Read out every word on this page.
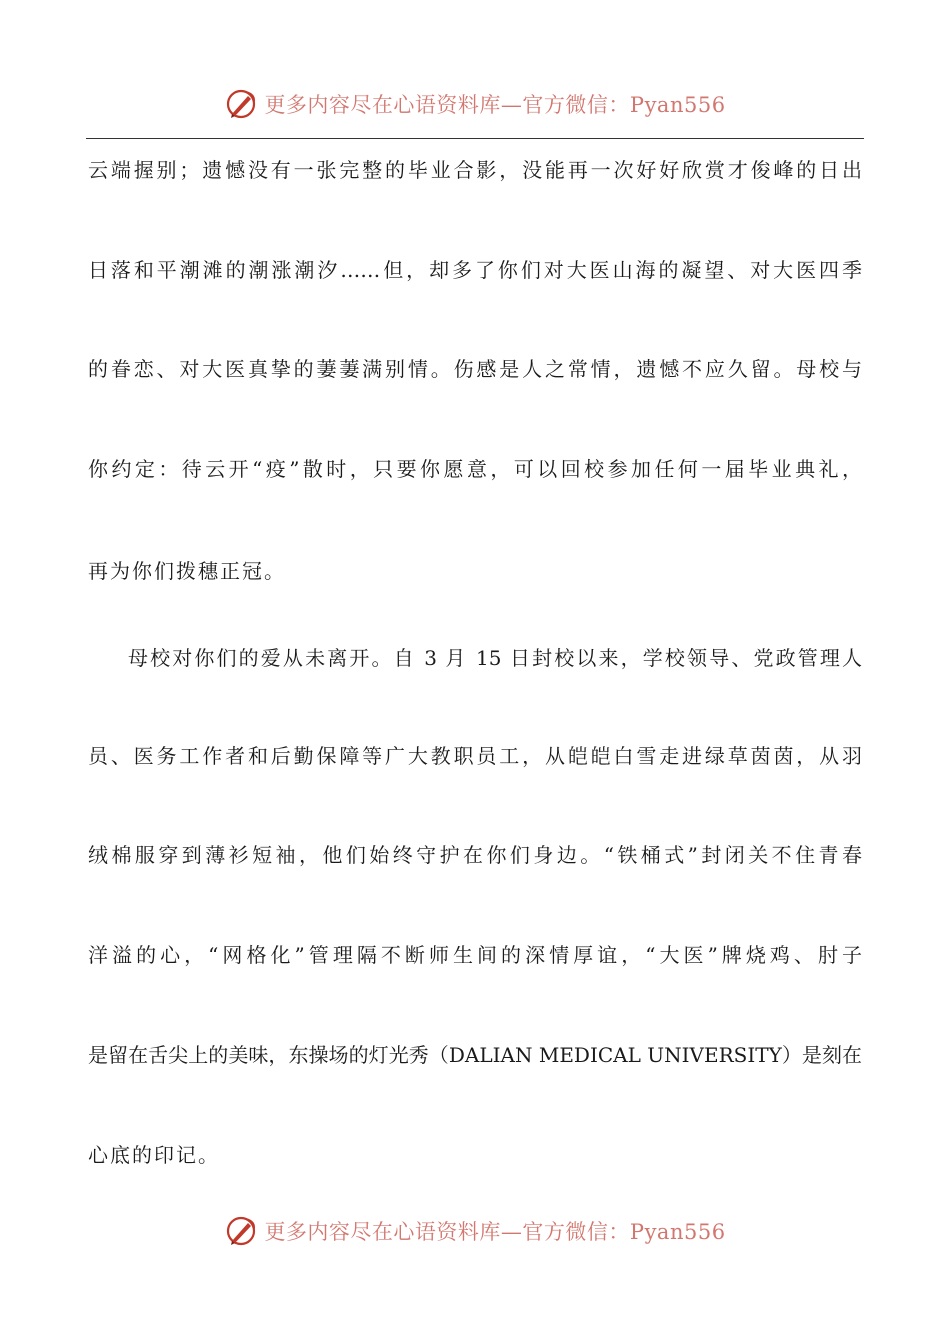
更多内容尽在心语资料库—官方微信：Pyan556
云端握别；遗憾没有一张完整的毕业合影，没能再一次好好欣赏才俊峰的日出
日落和平潮滩的潮涨潮汐……但，却多了你们对大医山海的凝望、对大医四季
的眷恋、对大医真挚的萋萋满别情。伤感是人之常情，遗憾不应久留。母校与
你约定：待云开“疫”散时，只要你愿意，可以回校参加任何一届毕业典礼，
再为你们拨穗正冠。
母校对你们的爱从未离开。自 3 月 15 日封校以来，学校领导、党政管理人
员、医务工作者和后勤保障等广大教职员工，从皑皑白雪走进绿草茵茵，从羽
绒棉服穿到薄衫短袖，他们始终守护在你们身边。“铁桶式”封闭关不住青春
洋溢的心，“网格化”管理隔不断师生间的深情厚谊，“大医”牌烧鸡、肘子
是留在舌尖上的美味，东操场的灯光秀（DALIAN MEDICAL UNIVERSITY）是刻在
心底的印记。
更多内容尽在心语资料库—官方微信：Pyan556
